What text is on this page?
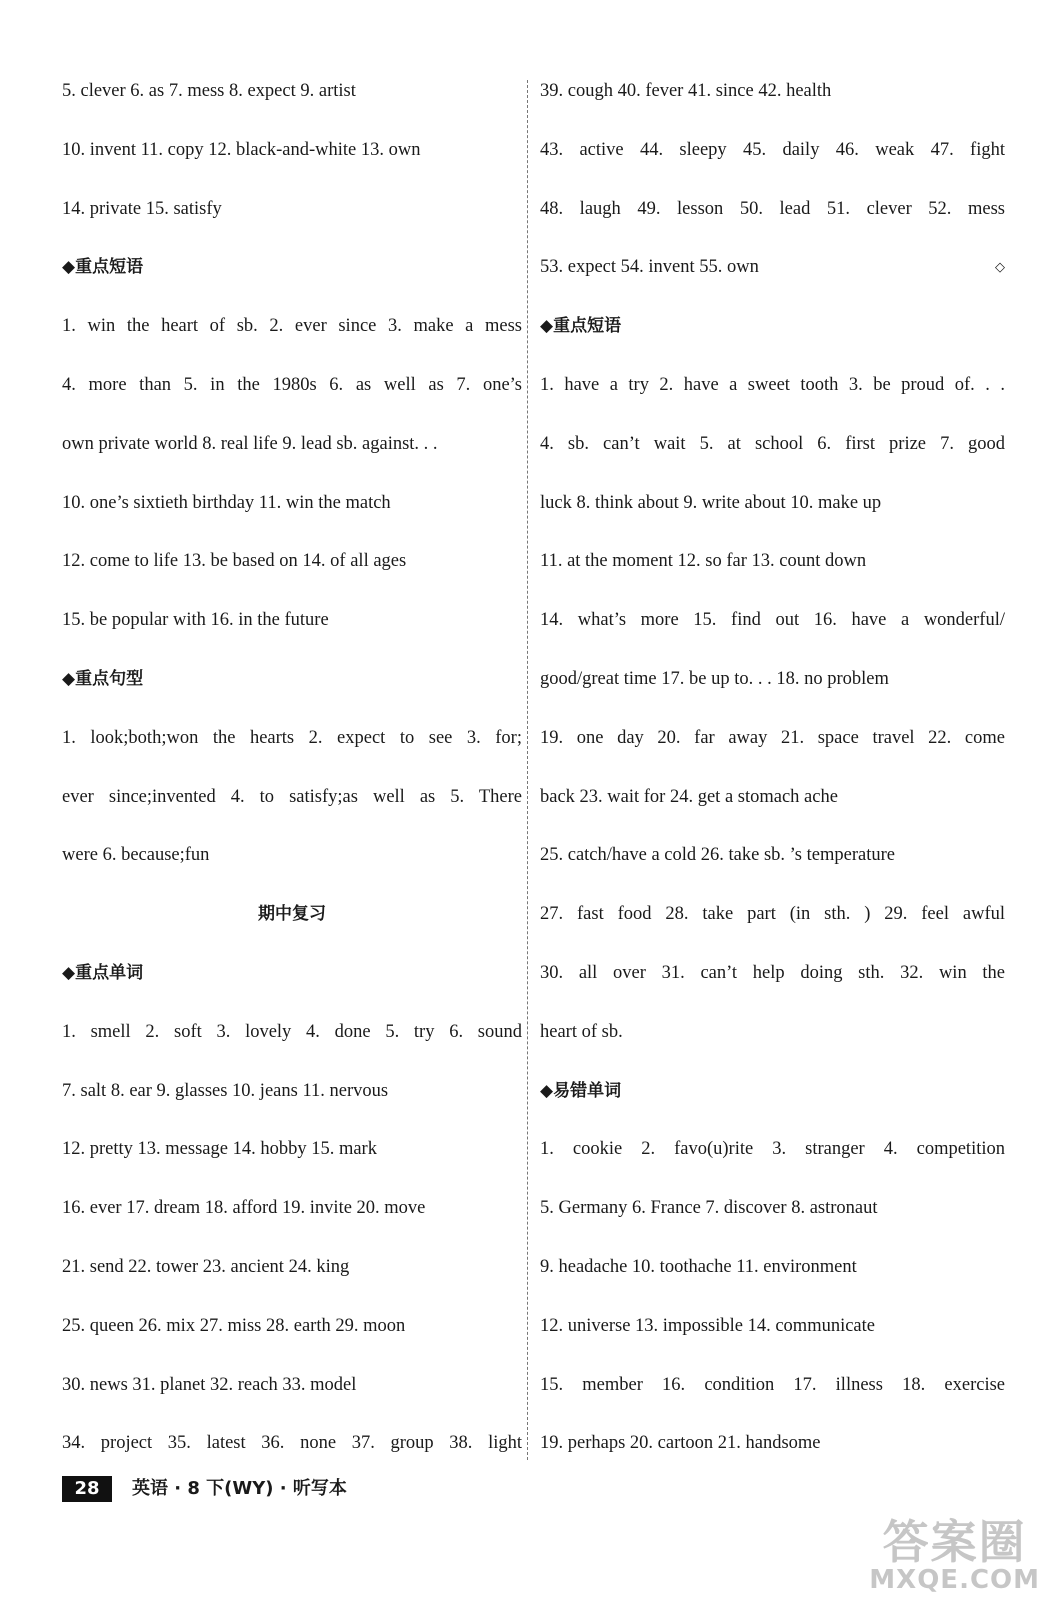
5. clever 6. as 7. mess 8. expect 9. artist
10. invent 11. copy 12. black-and-white 13. own
14. private 15. satisfy
◆重点短语
1. win the heart of sb. 2. ever since 3. make a mess
4. more than 5. in the 1980s 6. as well as 7. one’s
own private world 8. real life 9. lead sb. against. . .
10. one’s sixtieth birthday 11. win the match
12. come to life 13. be based on 14. of all ages
15. be popular with 16. in the future
◆重点句型
1. look;both;won the hearts 2. expect to see 3. for;
ever since;invented 4. to satisfy;as well as 5. There
were 6. because;fun
期中复习
◆重点单词
1. smell 2. soft 3. lovely 4. done 5. try 6. sound
7. salt 8. ear 9. glasses 10. jeans 11. nervous
12. pretty 13. message 14. hobby 15. mark
16. ever 17. dream 18. afford 19. invite 20. move
21. send 22. tower 23. ancient 24. king
25. queen 26. mix 27. miss 28. earth 29. moon
30. news 31. planet 32. reach 33. model
34. project 35. latest 36. none 37. group 38. light
39. cough 40. fever 41. since 42. health
43. active 44. sleepy 45. daily 46. weak 47. fight
48. laugh 49. lesson 50. lead 51. clever 52. mess
53. expect 54. invent 55. own	◇
◆重点短语
1. have a try 2. have a sweet tooth 3. be proud of. . .
4. sb. can’t wait 5. at school 6. first prize 7. good
luck 8. think about 9. write about 10. make up
11. at the moment 12. so far 13. count down
14. what’s more 15. find out 16. have a wonderful/
good/great time 17. be up to. . . 18. no problem
19. one day 20. far away 21. space travel 22. come
back 23. wait for 24. get a stomach ache
25. catch/have a cold 26. take sb. ’s temperature
27. fast food 28. take part (in sth. ) 29. feel awful
30. all over 31. can’t help doing sth. 32. win the
heart of sb.
◆易错单词
1. cookie 2. favo(u)rite 3. stranger 4. competition
5. Germany 6. France 7. discover 8. astronaut
9. headache 10. toothache 11. environment
12. universe 13. impossible 14. communicate
15. member 16. condition 17. illness 18. exercise
19. perhaps 20. cartoon 21. handsome
28	英语 · 8 下(WY) · 听写本
答案圈
MXQE.COM
